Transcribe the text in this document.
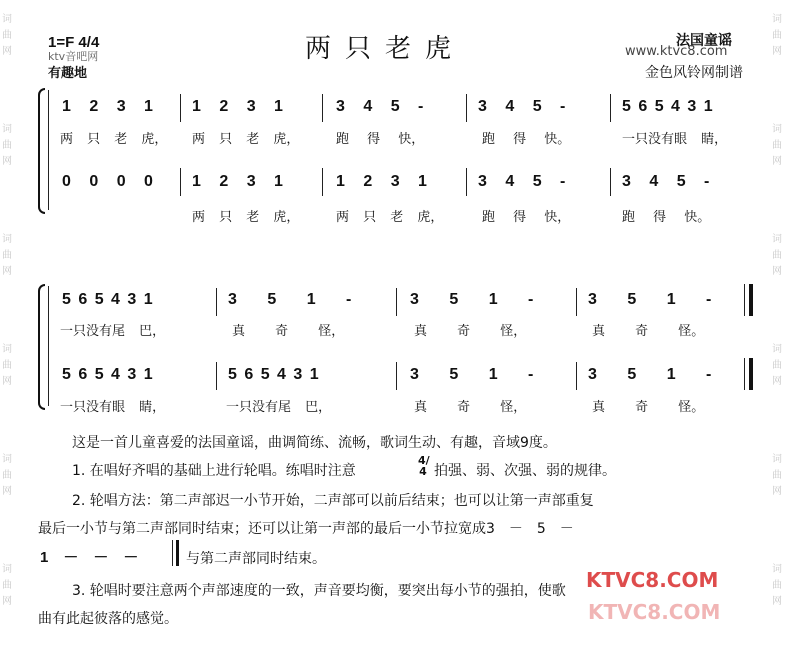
词
曲
网
词
曲
网
词
曲
网
词
曲
网
词
曲
网
词
曲
网
词
曲
网
词
曲
网
词
曲
网
词
曲
网
词
曲
网
词
曲
网
1=F 4/4
ktv音吧网
有趣地
两只老虎	法国童谣
www.ktvc8.com
金色风铃网制谱
1 2 3 1 1 2 3 1	3 4 5 -	3 4 5 -	5 6 5 4 3 1
两 只 老 虎， 两 只 老 虎，	跑 得 快，	跑 得 快。	一只没有眼 睛，
0 0 0 0 1 2 3 1	1 2 3 1	3 4 5 -	3 4 5 -
两 只 老 虎，	两 只 老 虎，	跑 得 快，	跑 得 快。
5 6 5 4 3 1	3 5 1 -	3 5 1 -	3 5 1 -
一只没有尾 巴，	真 奇 怪，	真 奇 怪，	真 奇 怪。
5 6 5 4 3 1	5 6 5 4 3 1	3 5 1 -	3 5 1 -
一只没有眼 睛，	一只没有尾 巴，	真 奇 怪，	真 奇 怪。
这是一首儿童喜爱的法国童谣，曲调简练、流畅，歌词生动、有趣，音域9度。
1. 在唱好齐唱的基础上进行轮唱。练唱时注意
4/4 拍强、弱、次强、弱的规律。
2. 轮唱方法：第二声部迟一小节开始，二声部可以前后结束；也可以让第一声部重复
最后一小节与第二声部同时结束；还可以让第一声部的最后一小节拉宽成3　－　5　－
1　－　－　－	与第二声部同时结束。
3. 轮唱时要注意两个声部速度的一致，声音要均衡，要突出每小节的强拍，使歌
曲有此起彼落的感觉。
KTVC8.COM
KTVC8.COM
